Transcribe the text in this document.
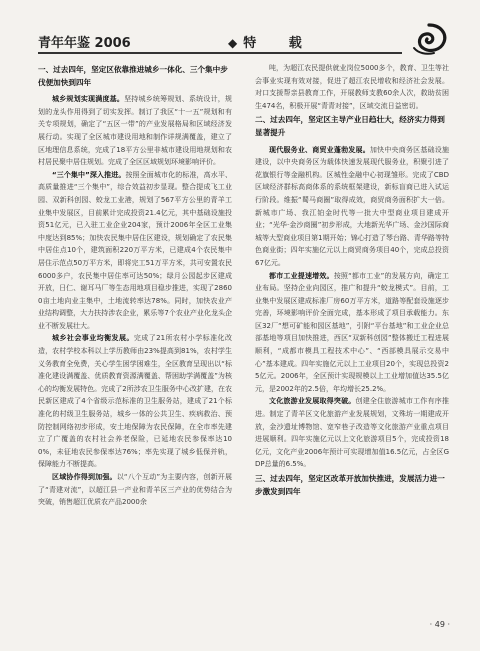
青年年鉴 2006	◆ 特 载
一、过去四年，坚定区依靠推进城乡一体化、三个集中步伐便加快到四年

城乡规划实现满度基。坚持城乡统筹规划、系统设计，规划的龙头作用得到了切实发挥。制订了我区“十一五”规划和有关专项规划，确定了“五区一带”的产业发展格局和区域经济发展行动。实现了全区城市建设用地和制作详规满覆盖，建立了区地理信息系统，完成了18平方公里非城市建设用地规划和农村居民聚中居住规划。完成了全区区域规划环境影响评价。

“三个集中”深入推进。按照全面城市化的标准，高水平、高质量推进“三个集中”，综合效益初步显现。整合提成飞工业园、双新科创园、蛟龙工业港，规划了567平方公里的青羊工业集中发展区，目前累计完成投资21.4亿元，其中基础设施投资51亿元，已入驻工业企业204家，预计2006年全区工业集中度达到85%；加快农民集中居住区建设，规划确定了农民集中居住点10个，建筑面积220万平方米，已建成4个农民集中居住示范点50万平方米，即将完工51万平方米，共可安置农民6000多户，农民集中居住率可达50%；绿月公园起步区建成开放，日仁、谢耳马厂等生态用地项目稳步推进，实现了28600亩土地向业主集中，土地流转率达78%。同时，加快农业产业结构调整，大力扶持涉农企业，累乐等7个农业产业化龙头企业不断发展壮大。

城乡社会事业均衡发展。完成了21所农村小学标准化改造，农村学校本科以上学历教师由23%提高到81%，农村学生义务教育全免费，关心学生困学困难生，全区教育呈现出以“标准化建设满覆盖、优质教育资源满覆盖、帮困助学满覆盖”为核心的均衡发展特色。完成了2所涉农卫生服务中心改扩建，在农民新区建成了4个省级示范标准的卫生服务站，建成了21个标准化的村级卫生服务站，城乡一体的公共卫生、疾病救治、预防控制网络初步形成，安土地保障为农民保障，在全市率先建立了广覆盖的农村社会养老保险，已延地农民参保率达100%，未征地农民参保率达76%；率先实现了城乡低保并轨，保障能力不断提高。

区域协作得到加强。以“八个互动”为主要内容，创新开展了“青建对流”，以超江县一产业和青羊区三产业的优势结合为突破，销售超江优质农产品2000余

吨，为超江农民提供就业岗位5000多个，教育、卫生等社会事业实现有效对接，促进了超江农民增收和经济社会发展。对口支援帮亲县教育工作，开展教师支教60余人次，救助贫困生474名，积极开展“青青对接”，区域交流日益密切。

二、过去四年，坚定区主导产业日趋壮大，经济实力得到显著提升

现代服务业、商贸业蓬勃发展。加快中央商务区基础设施建设，以中央商务区为载体快速发展现代服务业，积聚引进了花旗银行等金融机构。区城性金融中心初现雏形。完成了CBD区域经济群标高商体系的系统框架建设，新标盲商已进入试运行阶段。维振“蜀马商圈”取得成效，商贸商务面积扩大一倍。新城市广场、我江铂金时代等一批大中型商业项目建成开业；“光华·金沙商圈”初步形成，大地新光华广场、金沙国际商城等大型商业项目第1期开始；锦心打造了琴台路、青华路等特色商业街；四年实施亿元以上商贸商务项目40个，完成总投资67亿元。

都市工业提速增效。按照“都市工业”的发展方向，确定工业布局。坚持企业向园区，推广和提升“蛟龙模式”。目前，工业集中发展区建成标准厂房60万平方米，道路等配套设施逐步完善，环境影响评价全面完成，基本形成了项目承载能力。东区32厂“想可矿能和园区基地”，引附“平台基地”和工业企业总部基地等项目加快推进，西区“双新科创园”整体搬迁工程进展顺利，“成都市模具工程技术中心”、“西部模具展示交易中心”基本建成。四年实施亿元以上工业项目20个，实现总投资25亿元。2006年，全区预计实现规模以上工业增加值达35.5亿元，是2002年的2.5倍，年均增长25.2%。

文化旅游业发展取得突破。创建全住旅游城市工作有序推进。制定了青羊区文化旅游产业发展规划，文殊坊一期建成开放，金沙遗址博物馆、宽窄巷子改造等文化旅游产业重点项目进展顺利。四年实施亿元以上文化旅游项目5个，完成投资18亿元，文化产业2006年预计可实现增加值16.5亿元，占全区GDP总量的6.5%。

三、过去四年，坚定区改革开放加快推进，发展活力进一步激发到四年
· 49 ·
